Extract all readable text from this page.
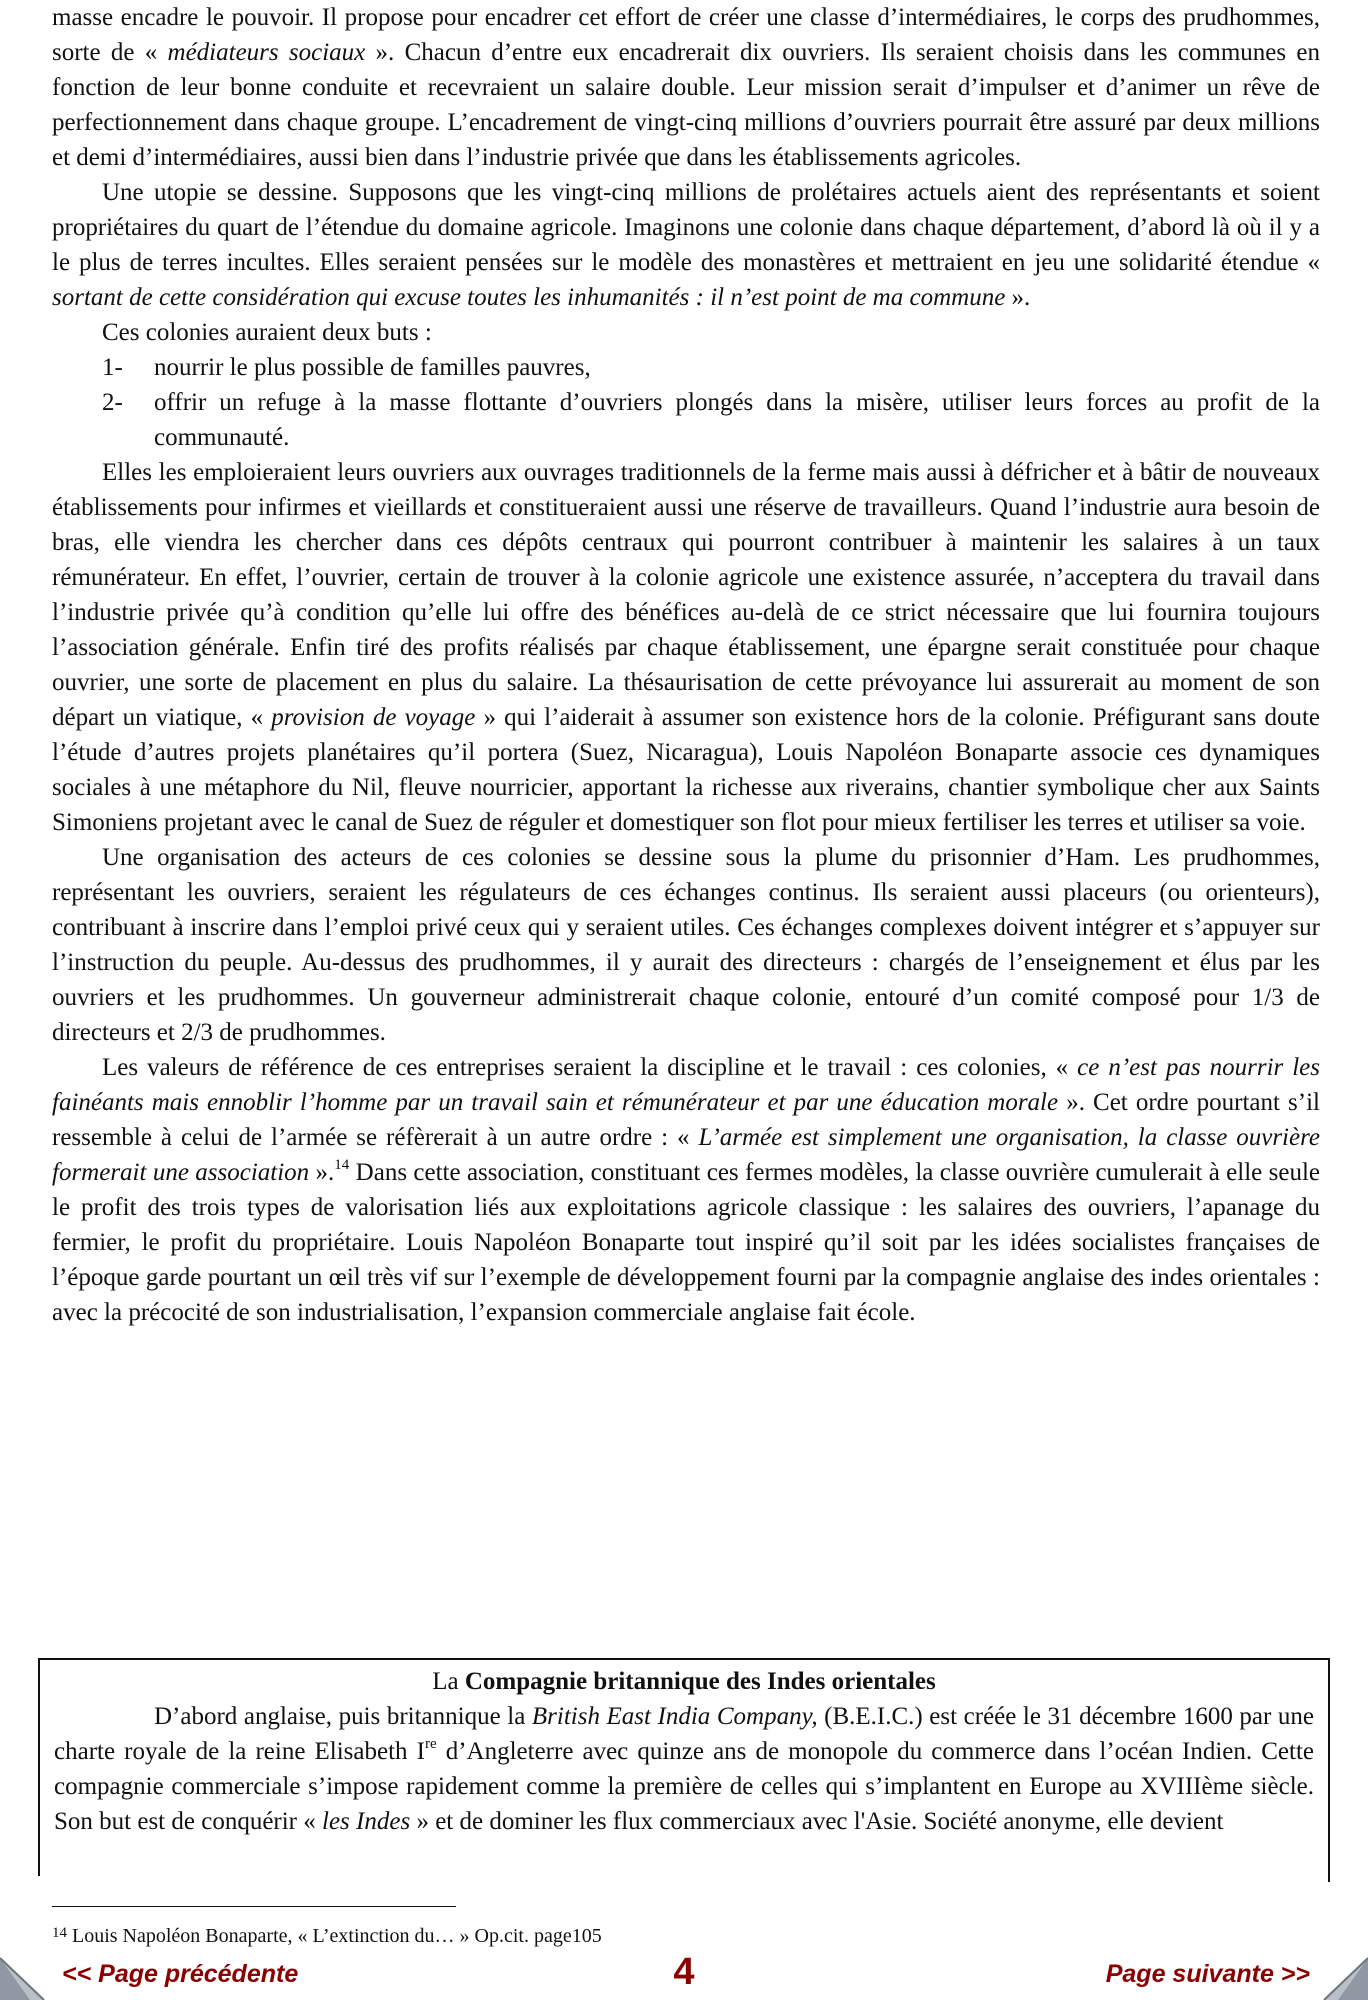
masse encadre le pouvoir. Il propose pour encadrer cet effort de créer une classe d’intermédiaires, le corps des prudhommes, sorte de « médiateurs sociaux ». Chacun d’entre eux encadrerait dix ouvriers. Ils seraient choisis dans les communes en fonction de leur bonne conduite et recevraient un salaire double. Leur mission serait d’impulser et d’animer un rêve de perfectionnement dans chaque groupe. L’encadrement de vingt-cinq millions d’ouvriers pourrait être assuré par deux millions et demi d’intermédiaires, aussi bien dans l’industrie privée que dans les établissements agricoles.

Une utopie se dessine. Supposons que les vingt-cinq millions de prolétaires actuels aient des représentants et soient propriétaires du quart de l’étendue du domaine agricole. Imaginons une colonie dans chaque département, d’abord là où il y a le plus de terres incultes. Elles seraient pensées sur le modèle des monastères et mettraient en jeu une solidarité étendue « sortant de cette considération qui excuse toutes les inhumanités : il n’est point de ma commune ».

Ces colonies auraient deux buts :

1- nourrir le plus possible de familles pauvres,
2- offrir un refuge à la masse flottante d’ouvriers plongés dans la misère, utiliser leurs forces au profit de la communauté.

Elles les emploieraient leurs ouvriers aux ouvrages traditionnels de la ferme mais aussi à défricher et à bâtir de nouveaux établissements pour infirmes et vieillards et constitueraient aussi une réserve de travailleurs. Quand l’industrie aura besoin de bras, elle viendra les chercher dans ces dépôts centraux qui pourront contribuer à maintenir les salaires à un taux rémunérateur. En effet, l’ouvrier, certain de trouver à la colonie agricole une existence assurée, n’acceptera du travail dans l’industrie privée qu’à condition qu’elle lui offre des bénéfices au-delà de ce strict nécessaire que lui fournira toujours l’association générale. Enfin tiré des profits réalisés par chaque établissement, une épargne serait constituée pour chaque ouvrier, une sorte de placement en plus du salaire. La thésaurisation de cette prévoyance lui assurerait au moment de son départ un viatique, « provision de voyage » qui l’aiderait à assumer son existence hors de la colonie. Préfigurant sans doute l’étude d’autres projets planétaires qu’il portera (Suez, Nicaragua), Louis Napoléon Bonaparte associe ces dynamiques sociales à une métaphore du Nil, fleuve nourricier, apportant la richesse aux riverains, chantier symbolique cher aux Saints Simoniens projetant avec le canal de Suez de réguler et domestiquer son flot pour mieux fertiliser les terres et utiliser sa voie.

Une organisation des acteurs de ces colonies se dessine sous la plume du prisonnier d’Ham. Les prudhommes, représentant les ouvriers, seraient les régulateurs de ces échanges continus. Ils seraient aussi placeurs (ou orienteurs), contribuant à inscrire dans l’emploi privé ceux qui y seraient utiles. Ces échanges complexes doivent intégrer et s’appuyer sur l’instruction du peuple. Au-dessus des prudhommes, il y aurait des directeurs : chargés de l’enseignement et élus par les ouvriers et les prudhommes. Un gouverneur administrerait chaque colonie, entouré d’un comité composé pour 1/3 de directeurs et 2/3 de prudhommes.

Les valeurs de référence de ces entreprises seraient la discipline et le travail : ces colonies, « ce n’est pas nourrir les fainéants mais ennoblir l’homme par un travail sain et rémunérateur et par une éducation morale ». Cet ordre pourtant s’il ressemble à celui de l’armée se réfèrerait à un autre ordre : « L’armée est simplement une organisation, la classe ouvrière formerait une association ».$^{14}$ Dans cette association, constituant ces fermes modèles, la classe ouvrière cumulerait à elle seule le profit des trois types de valorisation liés aux exploitations agricole classique : les salaires des ouvriers, l’apanage du fermier, le profit du propriétaire. Louis Napoléon Bonaparte tout inspiré qu’il soit par les idées socialistes françaises de l’époque garde pourtant un œil très vif sur l’exemple de développement fourni par la compagnie anglaise des indes orientales : avec la précocité de son industrialisation, l’expansion commerciale anglaise fait école.

La Compagnie britannique des Indes orientales

D’abord anglaise, puis britannique la British East India Company, (B.E.I.C.) est créée le 31 décembre 1600 par une charte royale de la reine Elisabeth Ire d’Angleterre avec quinze ans de monopole du commerce dans l’océan Indien. Cette compagnie commerciale s’impose rapidement comme la première de celles qui s’implantent en Europe au XVIIIème siècle. Son but est de conquérir « les Indes » et de dominer les flux commerciaux avec l'Asie. Société anonyme, elle devient

$^{14}$ Louis Napoléon Bonaparte, « L’extinction du… » Op.cit. page105
<< Page précédente	4	Page suivante >>
